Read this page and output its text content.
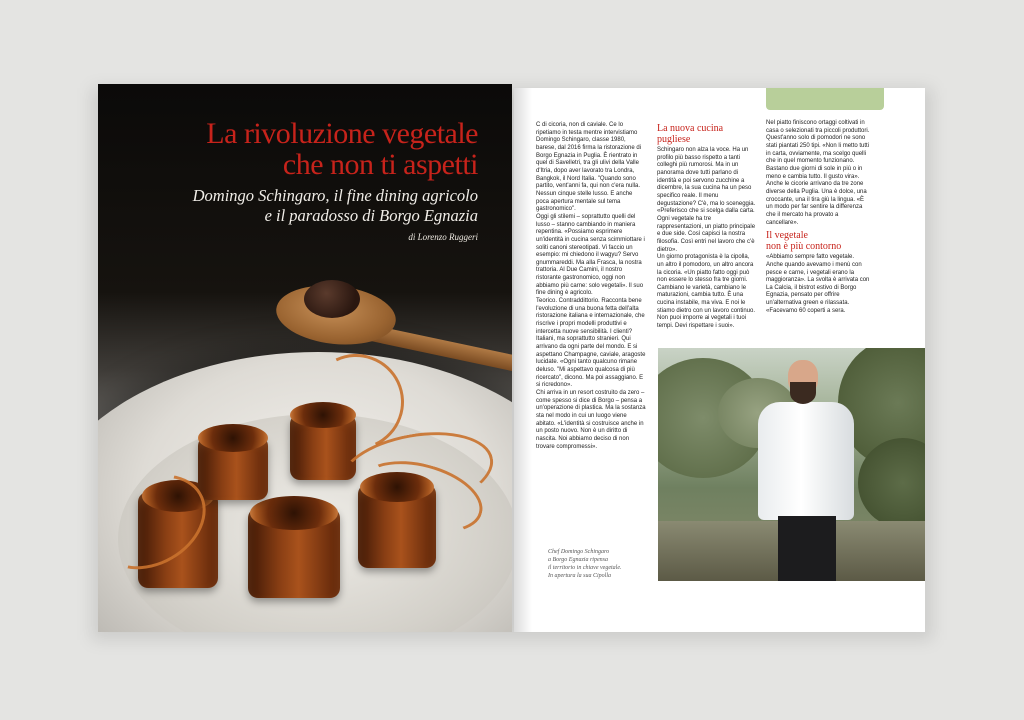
La rivoluzione vegetale
che non ti aspetti

Domingo Schingaro, il fine dining agricolo
e il paradosso di Borgo Egnazia

di Lorenzo Ruggeri

C di cicoria, non di caviale. Ce lo ripetiamo in testa mentre intervistiamo Domingo Schingaro, classe 1980, barese, dal 2016 firma la ristorazione di Borgo Egnazia in Puglia. È rientrato in quel di Savelletri, tra gli ulivi della Valle d'Itria, dopo aver lavorato tra Londra, Bangkok, il Nord Italia. "Quando sono partito, vent'anni fa, qui non c'era nulla. Nessun cinque stelle lusso. E anche poca apertura mentale sul tema gastronomico".

Oggi gli stilemi – soprattutto quelli del lusso – stanno cambiando in maniera repentina. «Possiamo esprimere un'identità in cucina senza scimmiottare i soliti canoni stereotipati. Vi faccio un esempio: mi chiedono il wagyu? Servo gnummareddi. Ma alla Frasca, la nostra trattoria. Al Due Camini, il nostro ristorante gastronomico, oggi non abbiamo più carne: solo vegetali». Il suo fine dining è agricolo.

Teorico. Contraddittorio. Racconta bene l'evoluzione di una buona fetta dell'alta ristorazione italiana e internazionale, che riscrive i propri modelli produttivi e intercetta nuove sensibilità. I clienti? Italiani, ma soprattutto stranieri. Qui arrivano da ogni parte del mondo. E si aspettano Champagne, caviale, aragoste lucidate. «Ogni tanto qualcuno rimane deluso. "Mi aspettavo qualcosa di più ricercato", dicono. Ma poi assaggiano. E si ricredono».

Chi arriva in un resort costruito da zero – come spesso si dice di Borgo – pensa a un'operazione di plastica. Ma la sostanza sta nel modo in cui un luogo viene abitato. «L'identità si costruisce anche in un posto nuovo. Non è un diritto di nascita. Noi abbiamo deciso di non trovare compromessi».

La nuova cucina pugliese

Schingaro non alza la voce. Ha un profilo più basso rispetto a tanti colleghi più rumorosi. Ma in un panorama dove tutti parlano di identità e poi servono zucchine a dicembre, la sua cucina ha un peso specifico reale. Il menu degustazione? C'è, ma lo sceneggia. «Preferisco che si scelga dalla carta. Ogni vegetale ha tre rappresentazioni, un piatto principale e due side. Così capisci la nostra filosofia. Così entri nel lavoro che c'è dietro».

Un giorno protagonista è la cipolla, un altro il pomodoro, un altro ancora la cicoria. «Un piatto fatto oggi può non essere lo stesso fra tre giorni. Cambiano le varietà, cambiano le maturazioni, cambia tutto. È una cucina instabile, ma viva. E noi le stiamo dietro con un lavoro continuo. Non puoi imporre ai vegetali i tuoi tempi. Devi rispettare i suoi».

Nel piatto finiscono ortaggi coltivati in casa o selezionati tra piccoli produttori. Quest'anno solo di pomodori ne sono stati piantati 250 tipi. «Non li metto tutti in carta, ovviamente, ma scelgo quelli che in quel momento funzionano. Bastano due giorni di sole in più o in meno e cambia tutto. Il gusto vira». Anche le cicorie arrivano da tre zone diverse della Puglia. Una è dolce, una croccante, una il tira giù la lingua. «È un modo per far sentire la differenza che il mercato ha provato a cancellare».

Il vegetale
non è più contorno

«Abbiamo sempre fatto vegetale. Anche quando avevamo i menù con pesce e carne, i vegetali erano la maggioranza». La svolta è arrivata con La Calcia, il bistrot estivo di Borgo Egnazia, pensato per offrire un'alternativa green e rilassata. «Facevamo 60 coperti a sera.

Chef Domingo Schingaro
a Borgo Egnazia ripensa
il territorio in chiave vegetale.
In apertura la sua Cipolla
